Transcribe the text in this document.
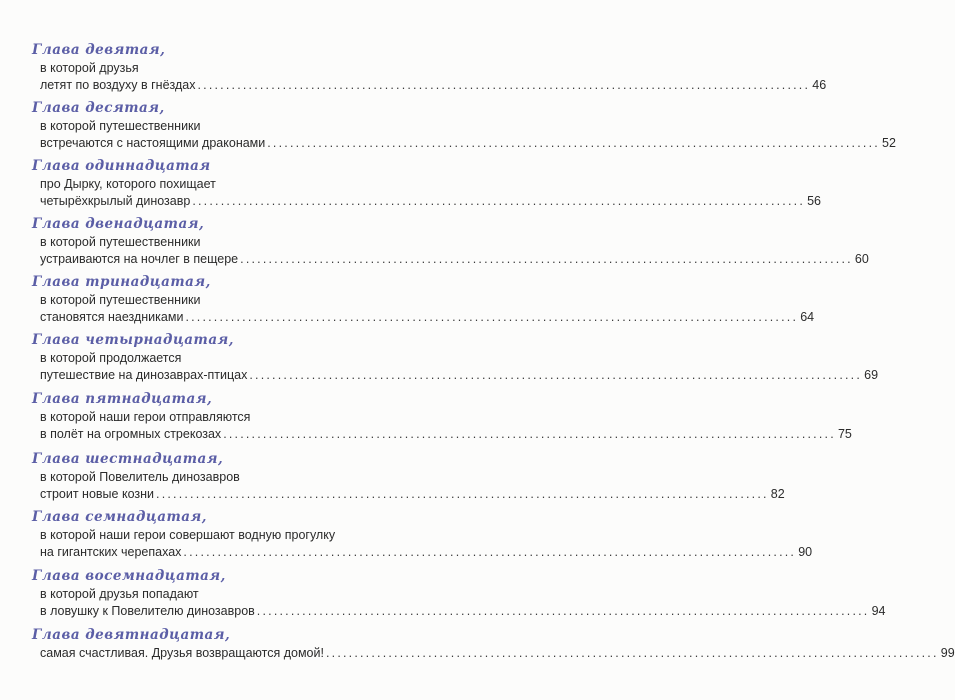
Глава девятая,
в которой друзья
летят по воздуху в гнёздах ............................................................................................................ 46
Глава десятая,
в которой путешественники
встречаются с настоящими драконами ............................................................................................................ 52
Глава одиннадцатая
про Дырку, которого похищает
четырёхкрылый динозавр ............................................................................................................ 56
Глава двенадцатая,
в которой путешественники
устраиваются на ночлег в пещере ............................................................................................................ 60
Глава тринадцатая,
в которой путешественники
становятся наездниками ............................................................................................................ 64
Глава четырнадцатая,
в которой продолжается
путешествие на динозаврах-птицах ............................................................................................................ 69
Глава пятнадцатая,
в которой наши герои отправляются
в полёт на огромных стрекозах ............................................................................................................ 75
Глава шестнадцатая,
в которой Повелитель динозавров
строит новые козни ............................................................................................................ 82
Глава семнадцатая,
в которой наши герои совершают водную прогулку
на гигантских черепахах ............................................................................................................ 90
Глава восемнадцатая,
в которой друзья попадают
в ловушку к Повелителю динозавров ............................................................................................................ 94
Глава девятнадцатая,
самая счастливая. Друзья возвращаются домой! ............................................................................................................ 99
